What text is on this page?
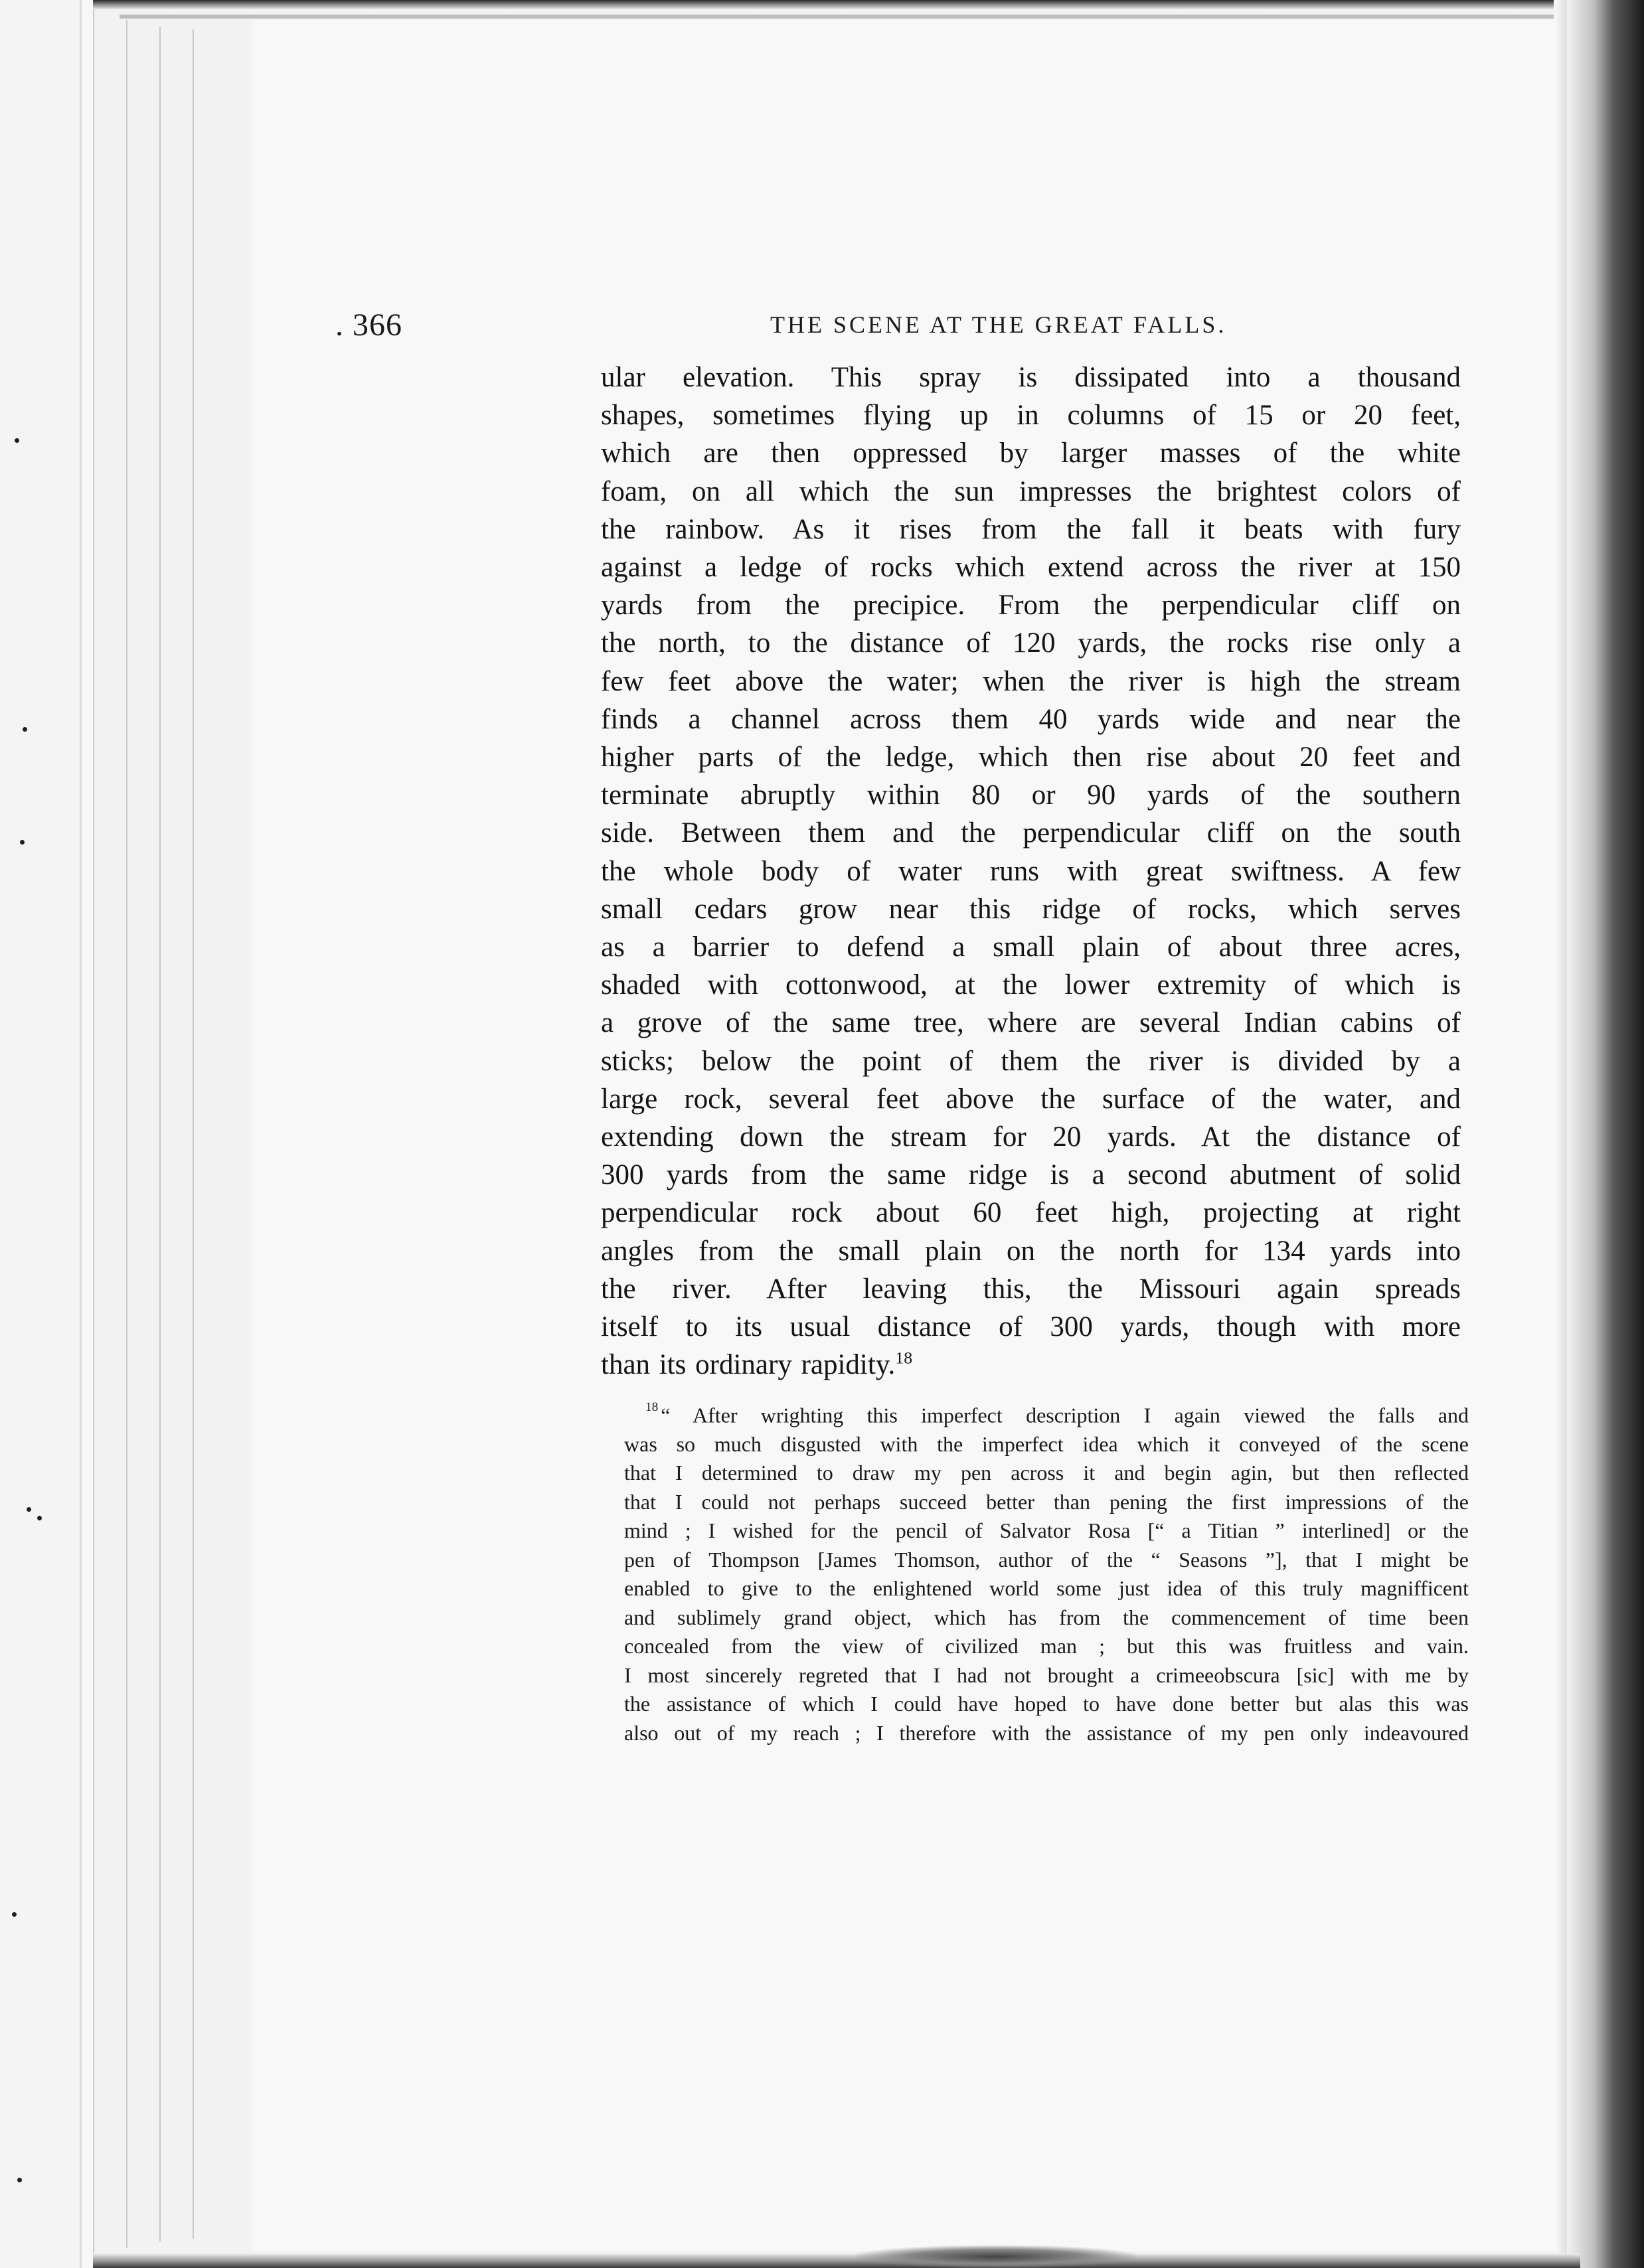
. 366	THE SCENE AT THE GREAT FALLS.
ular elevation. This spray is dissipated into a thousand
shapes, sometimes flying up in columns of 15 or 20 feet,
which are then oppressed by larger masses of the white
foam, on all which the sun impresses the brightest colors of
the rainbow. As it rises from the fall it beats with fury
against a ledge of rocks which extend across the river at 150
yards from the precipice. From the perpendicular cliff on
the north, to the distance of 120 yards, the rocks rise only a
few feet above the water; when the river is high the stream
finds a channel across them 40 yards wide and near the
higher parts of the ledge, which then rise about 20 feet and
terminate abruptly within 80 or 90 yards of the southern
side. Between them and the perpendicular cliff on the south
the whole body of water runs with great swiftness. A few
small cedars grow near this ridge of rocks, which serves
as a barrier to defend a small plain of about three acres,
shaded with cottonwood, at the lower extremity of which is
a grove of the same tree, where are several Indian cabins of
sticks; below the point of them the river is divided by a
large rock, several feet above the surface of the water, and
extending down the stream for 20 yards. At the distance of
300 yards from the same ridge is a second abutment of solid
perpendicular rock about 60 feet high, projecting at right
angles from the small plain on the north for 134 yards into
the river. After leaving this, the Missouri again spreads
itself to its usual distance of 300 yards, though with more
than its ordinary rapidity.$^{18}$
$^{18}$ “ After wrighting this imperfect description I again viewed the falls and
was so much disgusted with the imperfect idea which it conveyed of the scene
that I determined to draw my pen across it and begin agin, but then reflected
that I could not perhaps succeed better than pening the first impressions of the
mind ; I wished for the pencil of Salvator Rosa [“ a Titian ” interlined] or the
pen of Thompson [James Thomson, author of the “ Seasons ”], that I might be
enabled to give to the enlightened world some just idea of this truly magnifficent
and sublimely grand object, which has from the commencement of time been
concealed from the view of civilized man ; but this was fruitless and vain.
I most sincerely regreted that I had not brought a crimeeobscura [sic] with me by
the assistance of which I could have hoped to have done better but alas this was
also out of my reach ; I therefore with the assistance of my pen only indeavoured
